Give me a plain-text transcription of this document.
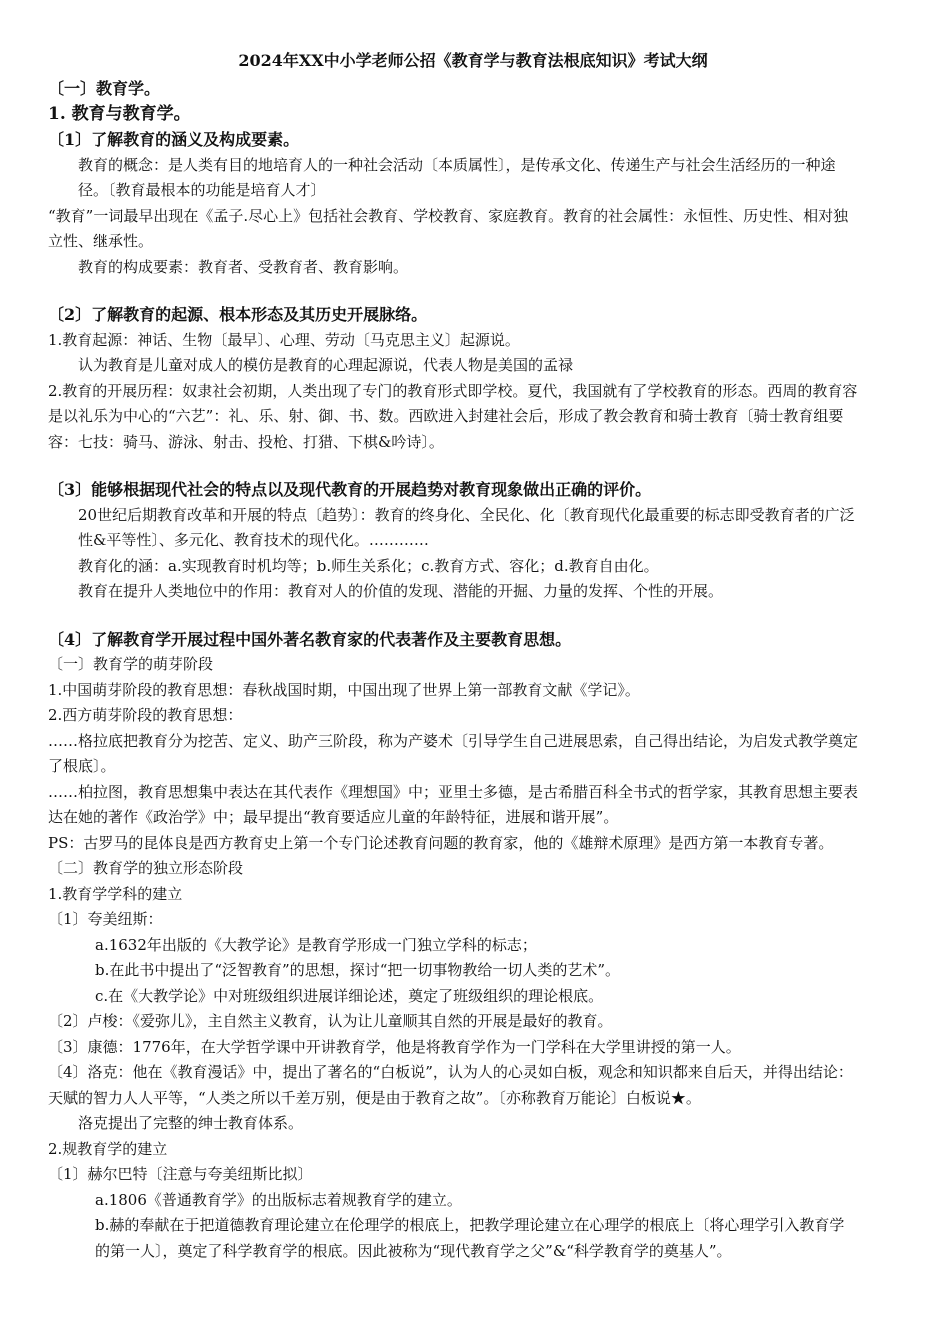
2024年XX中小学老师公招《教育学与教育法根底知识》考试大纲

〔一〕教育学。

1. 教育与教育学。

〔1〕了解教育的涵义及构成要素。

教育的概念：是人类有目的地培育人的一种社会活动〔本质属性〕，是传承文化、传递生产与社会生活经历的一种途径。〔教育最根本的功能是培育人才〕

“教育”一词最早出现在《孟子.尽心上》包括社会教育、学校教育、家庭教育。教育的社会属性：永恒性、历史性、相对独立性、继承性。

教育的构成要素：教育者、受教育者、教育影响。

〔2〕了解教育的起源、根本形态及其历史开展脉络。

1.教育起源：神话、生物〔最早〕、心理、劳动〔马克思主义〕起源说。

认为教育是儿童对成人的模仿是教育的心理起源说，代表人物是美国的孟禄

2.教育的开展历程：奴隶社会初期，人类出现了专门的教育形式即学校。夏代，我国就有了学校教育的形态。西周的教育容是以礼乐为中心的“六艺”：礼、乐、射、御、书、数。西欧进入封建社会后，形成了教会教育和骑士教育〔骑士教育组要容：七技：骑马、游泳、射击、投枪、打猎、下棋&吟诗〕。

〔3〕能够根据现代社会的特点以及现代教育的开展趋势对教育现象做出正确的评价。

20世纪后期教育改革和开展的特点〔趋势〕：教育的终身化、全民化、化〔教育现代化最重要的标志即受教育者的广泛性&平等性〕、多元化、教育技术的现代化。…………

教育化的涵：a.实现教育时机均等；b.师生关系化；c.教育方式、容化；d.教育自由化。

教育在提升人类地位中的作用：教育对人的价值的发现、潜能的开掘、力量的发挥、个性的开展。

〔4〕了解教育学开展过程中国外著名教育家的代表著作及主要教育思想。

〔一〕教育学的萌芽阶段

1.中国萌芽阶段的教育思想：春秋战国时期，中国出现了世界上第一部教育文献《学记》。

2.西方萌芽阶段的教育思想：

……格拉底把教育分为挖苦、定义、助产三阶段，称为产婆术〔引导学生自己进展思索，自己得出结论，为启发式教学奠定了根底〕。

……柏拉图，教育思想集中表达在其代表作《理想国》中；亚里士多德，是古希腊百科全书式的哲学家，其教育思想主要表达在她的著作《政治学》中；最早提出“教育要适应儿童的年龄特征，进展和谐开展”。

PS：古罗马的昆体良是西方教育史上第一个专门论述教育问题的教育家，他的《雄辩术原理》是西方第一本教育专著。

〔二〕教育学的独立形态阶段

1.教育学学科的建立

〔1〕夸美纽斯：

a.1632年出版的《大教学论》是教育学形成一门独立学科的标志；

b.在此书中提出了“泛智教育”的思想，探讨“把一切事物教给一切人类的艺术”。

c.在《大教学论》中对班级组织进展详细论述，奠定了班级组织的理论根底。

〔2〕卢梭：《爱弥儿》，主自然主义教育，认为让儿童顺其自然的开展是最好的教育。

〔3〕康德：1776年，在大学哲学课中开讲教育学，他是将教育学作为一门学科在大学里讲授的第一人。

〔4〕洛克：他在《教育漫话》中，提出了著名的“白板说”，认为人的心灵如白板，观念和知识都来自后天，并得出结论：天赋的智力人人平等，“人类之所以千差万别，便是由于教育之故”。〔亦称教育万能论〕白板说★。

洛克提出了完整的绅士教育体系。

2.规教育学的建立

〔1〕赫尔巴特〔注意与夸美纽斯比拟〕

a.1806《普通教育学》的出版标志着规教育学的建立。

b.赫的奉献在于把道德教育理论建立在伦理学的根底上，把教学理论建立在心理学的根底上〔将心理学引入教育学的第一人〕，奠定了科学教育学的根底。因此被称为“现代教育学之父”&“科学教育学的奠基人”。
